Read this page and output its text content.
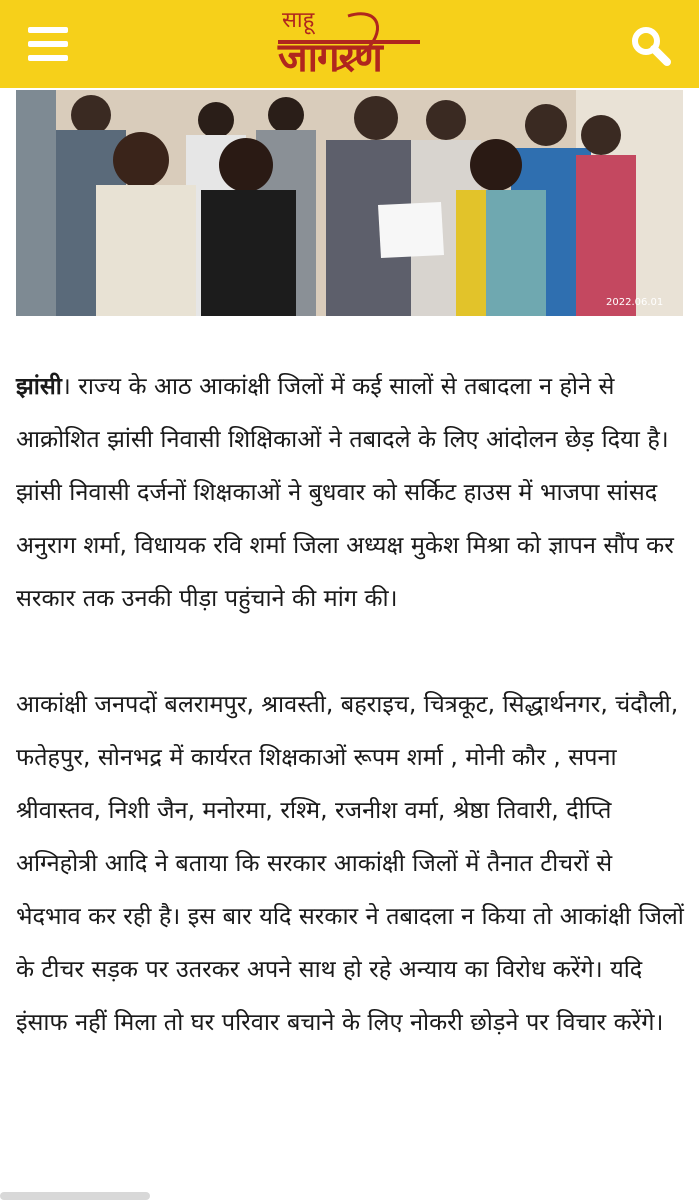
साहू
जागरण
2022.06.01

झांसी। राज्य के आठ आकांक्षी जिलों में कई सालों से तबादला न होने से आक्रोशित झांसी निवासी शिक्षिकाओं ने तबादले के लिए आंदोलन छेड़ दिया है। झांसी निवासी दर्जनों शिक्षकाओं ने बुधवार को सर्किट हाउस में भाजपा सांसद अनुराग शर्मा, विधायक रवि शर्मा जिला अध्यक्ष मुकेश मिश्रा को ज्ञापन सौंप कर सरकार तक उनकी पीड़ा पहुंचाने की मांग की।

आकांक्षी जनपदों बलरामपुर, श्रावस्ती, बहराइच, चित्रकूट, सिद्धार्थनगर, चंदौली, फतेहपुर, सोनभद्र में कार्यरत शिक्षकाओं रूपम शर्मा , मोनी कौर , सपना श्रीवास्तव, निशी जैन, मनोरमा, रश्मि, रजनीश वर्मा, श्रेष्ठा तिवारी, दीप्ति अग्निहोत्री आदि ने बताया कि सरकार आकांक्षी जिलों में तैनात टीचरों से भेदभाव कर रही है। इस बार यदि सरकार ने तबादला न किया तो आकांक्षी जिलों के टीचर सड़क पर उतरकर अपने साथ हो रहे अन्याय का विरोध करेंगे। यदि इंसाफ नहीं मिला तो घर परिवार बचाने के लिए नोकरी छोड़ने पर विचार करेंगे।
